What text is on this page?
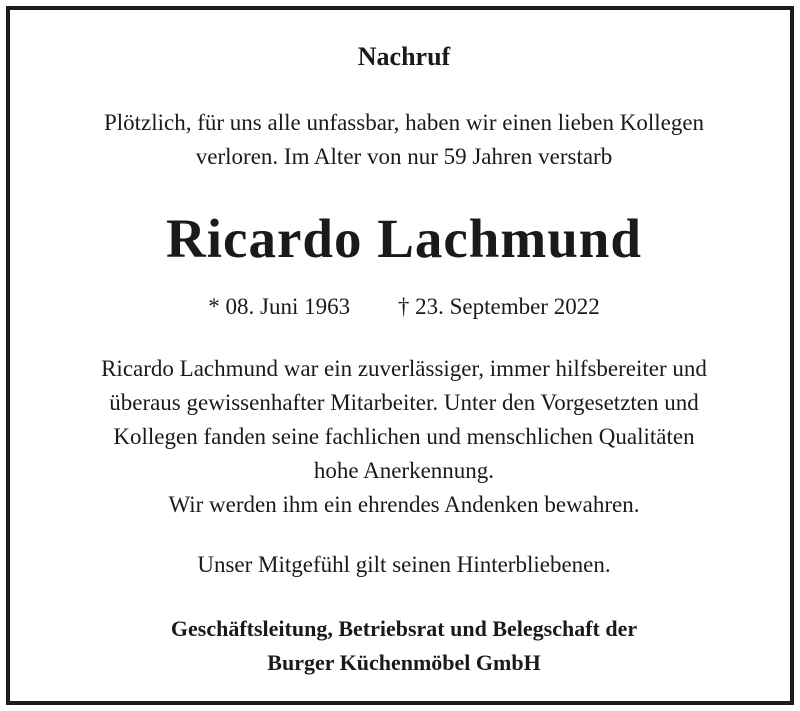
Nachruf
Plötzlich, für uns alle unfassbar, haben wir einen lieben Kollegen
verloren. Im Alter von nur 59 Jahren verstarb
Ricardo Lachmund
* 08. Juni 1963 † 23. September 2022
Ricardo Lachmund war ein zuverlässiger, immer hilfsbereiter und
überaus gewissenhafter Mitarbeiter. Unter den Vorgesetzten und
Kollegen fanden seine fachlichen und menschlichen Qualitäten
hohe Anerkennung.
Wir werden ihm ein ehrendes Andenken bewahren.
Unser Mitgefühl gilt seinen Hinterbliebenen.
Geschäftsleitung, Betriebsrat und Belegschaft der
Burger Küchenmöbel GmbH
